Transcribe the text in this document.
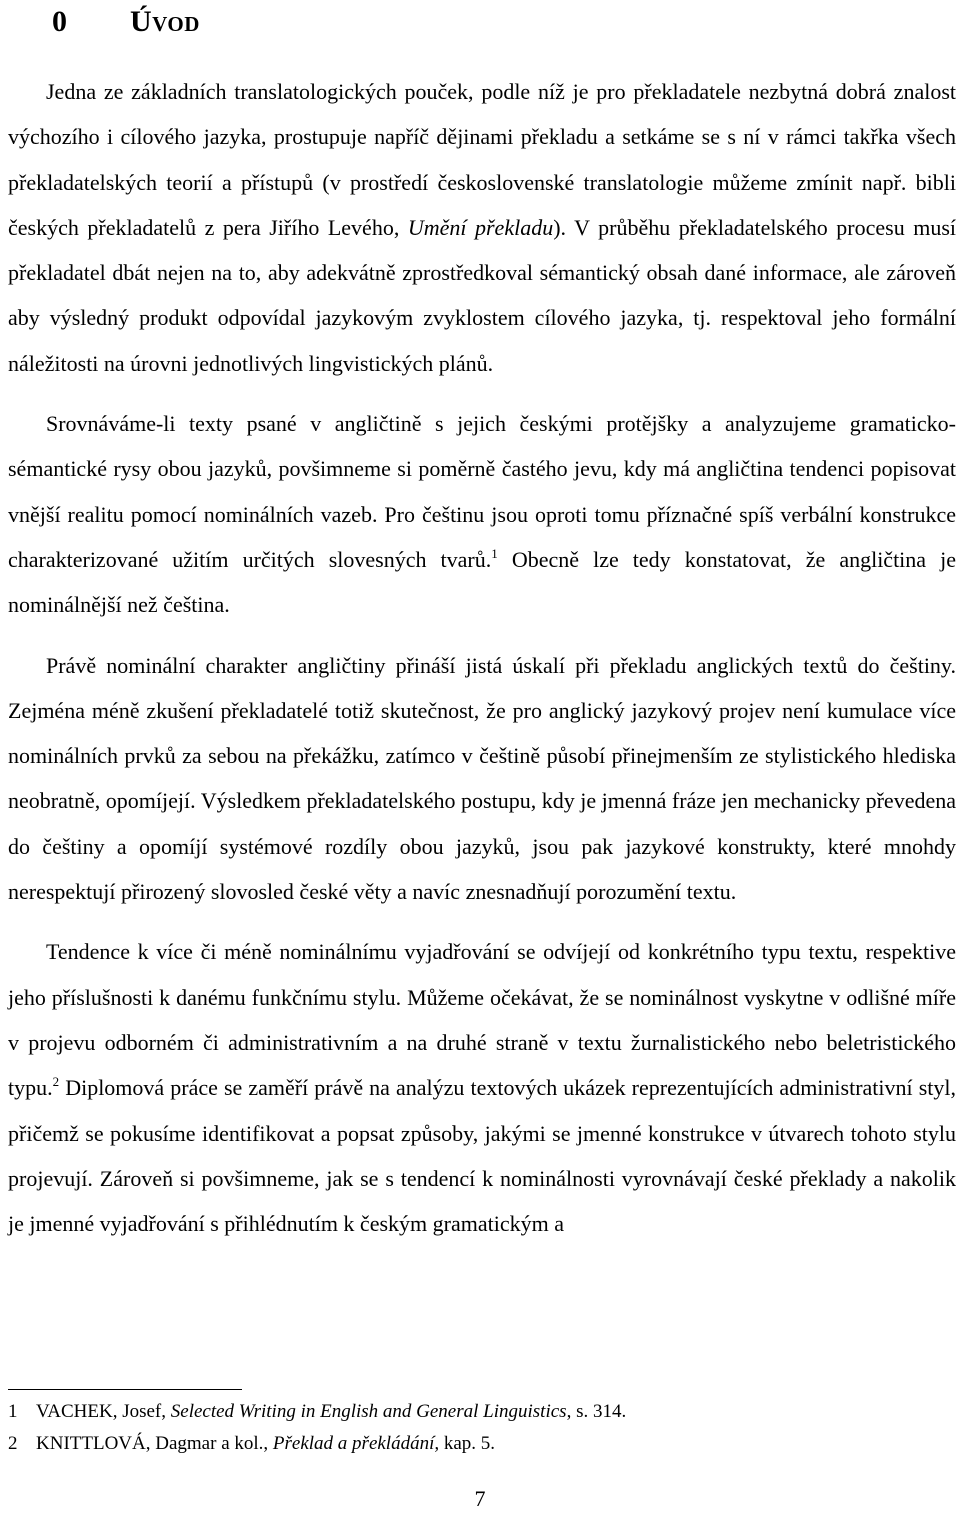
0 Úvod

Jedna ze základních translatologických pouček, podle níž je pro překladatele nezbytná dobrá znalost výchozího i cílového jazyka, prostupuje napříč dějinami překladu a setkáme se s ní v rámci takřka všech překladatelských teorií a přístupů (v prostředí československé translatologie můžeme zmínit např. bibli českých překladatelů z pera Jiřího Levého, Umění překladu). V průběhu překladatelského procesu musí překladatel dbát nejen na to, aby adekvátně zprostředkoval sémantický obsah dané informace, ale zároveň aby výsledný produkt odpovídal jazykovým zvyklostem cílového jazyka, tj. respektoval jeho formální náležitosti na úrovni jednotlivých lingvistických plánů.

Srovnáváme-li texty psané v angličtině s jejich českými protějšky a analyzujeme gramaticko-sémantické rysy obou jazyků, povšimneme si poměrně častého jevu, kdy má angličtina tendenci popisovat vnější realitu pomocí nominálních vazeb. Pro češtinu jsou oproti tomu příznačné spíš verbální konstrukce charakterizované užitím určitých slovesných tvarů.$^1$ Obecně lze tedy konstatovat, že angličtina je nominálnější než čeština.

Právě nominální charakter angličtiny přináší jistá úskalí při překladu anglických textů do češtiny. Zejména méně zkušení překladatelé totiž skutečnost, že pro anglický jazykový projev není kumulace více nominálních prvků za sebou na překážku, zatímco v češtině působí přinejmenším ze stylistického hlediska neobratně, opomíjejí. Výsledkem překladatelského postupu, kdy je jmenná fráze jen mechanicky převedena do češtiny a opomíjí systémové rozdíly obou jazyků, jsou pak jazykové konstrukty, které mnohdy nerespektují přirozený slovosled české věty a navíc znesnadňují porozumění textu.

Tendence k více či méně nominálnímu vyjadřování se odvíjejí od konkrétního typu textu, respektive jeho příslušnosti k danému funkčnímu stylu. Můžeme očekávat, že se nominálnost vyskytne v odlišné míře v projevu odborném či administrativním a na druhé straně v textu žurnalistického nebo beletristického typu.$^2$ Diplomová práce se zaměří právě na analýzu textových ukázek reprezentujících administrativní styl, přičemž se pokusíme identifikovat a popsat způsoby, jakými se jmenné konstrukce v útvarech tohoto stylu projevují. Zároveň si povšimneme, jak se s tendencí k nominálnosti vyrovnávají české překlady a nakolik je jmenné vyjadřování s přihlédnutím k českým gramatickým a

1 VACHEK, Josef, Selected Writing in English and General Linguistics, s. 314.
2 KNITTLOVÁ, Dagmar a kol., Překlad a překládání, kap. 5.
7
